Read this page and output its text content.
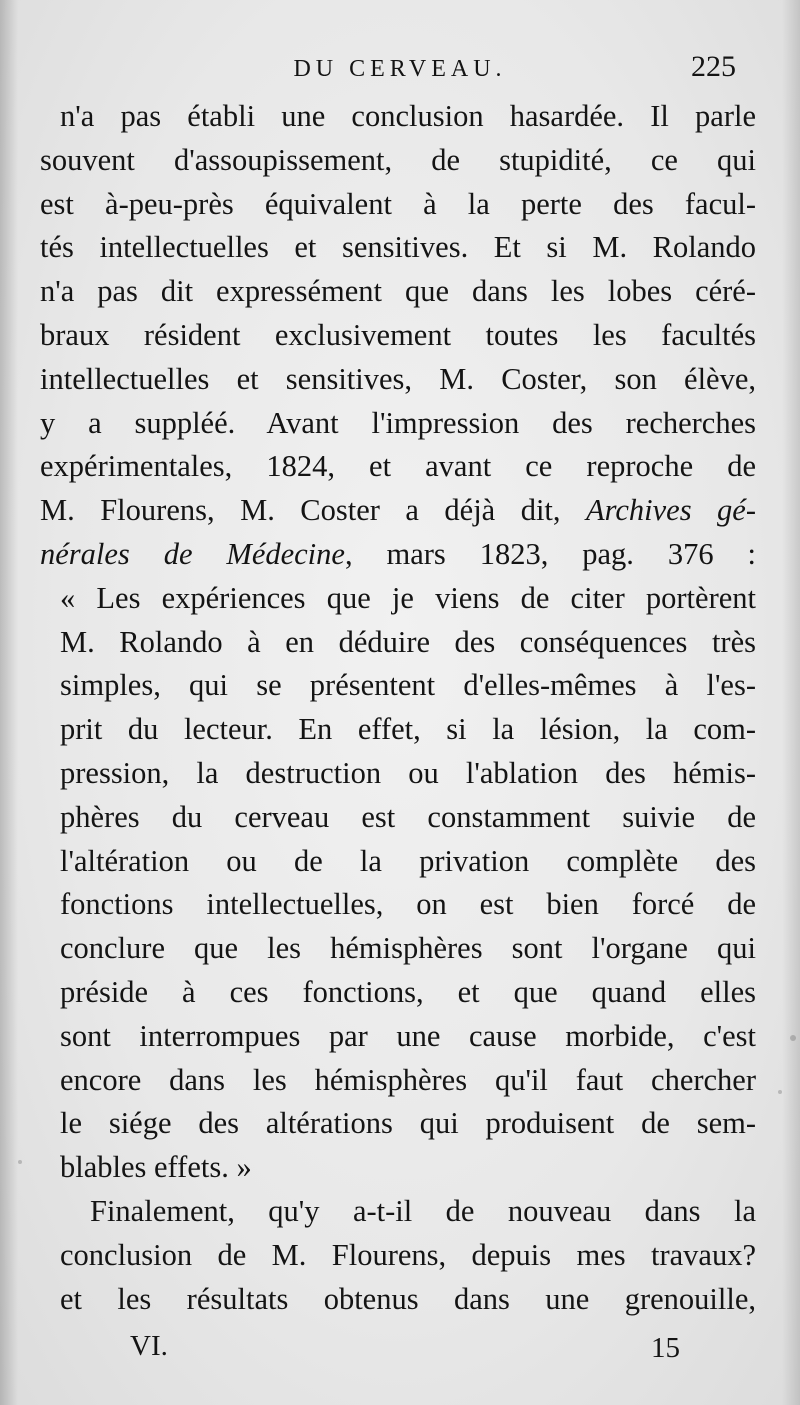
DU CERVEAU.	225
n'a pas établi une conclusion hasardée. Il parle
souvent d'assoupissement, de stupidité, ce qui
est à-peu-près équivalent à la perte des facul-
tés intellectuelles et sensitives. Et si M. Rolando
n'a pas dit expressément que dans les lobes céré-
braux résident exclusivement toutes les facultés
intellectuelles et sensitives, M. Coster, son élève,
y a suppléé. Avant l'impression des recherches
expérimentales, 1824, et avant ce reproche de
M. Flourens, M. Coster a déjà dit, Archives gé-
nérales de Médecine, mars 1823, pag. 376 :
« Les expériences que je viens de citer portèrent
M. Rolando à en déduire des conséquences très
simples, qui se présentent d'elles-mêmes à l'es-
prit du lecteur. En effet, si la lésion, la com-
pression, la destruction ou l'ablation des hémis-
phères du cerveau est constamment suivie de
l'altération ou de la privation complète des
fonctions intellectuelles, on est bien forcé de
conclure que les hémisphères sont l'organe qui
préside à ces fonctions, et que quand elles
sont interrompues par une cause morbide, c'est
encore dans les hémisphères qu'il faut chercher
le siége des altérations qui produisent de sem-
blables effets. »
Finalement, qu'y a-t-il de nouveau dans la
conclusion de M. Flourens, depuis mes travaux?
et les résultats obtenus dans une grenouille,
VI.	15
